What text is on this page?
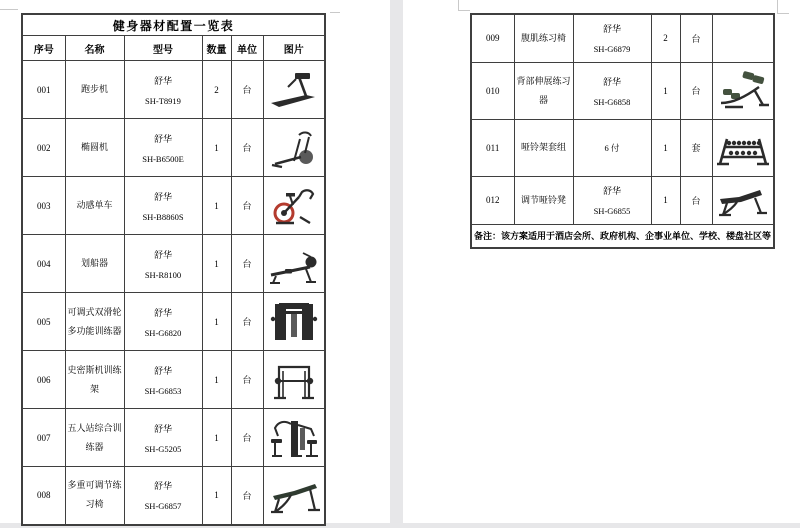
健身器材配置一览表					
序号	名称	型号	数量	单位	图片
001	跑步机	舒华
SH-T8919	2	台	

002	椭圆机	舒华
SH-B6500E	1	台	

003	动感单车	舒华
SH-B8860S	1	台	

004	划船器	舒华
SH-R8100	1	台	

005	可调式双滑轮多功能训练器	舒华
SH-G6820	1	台	

006	史密斯机训练架	舒华
SH-G6853	1	台	

007	五人站综合训练器	舒华
SH-G5205	1	台	

008	多重可调节练习椅	舒华
SH-G6857	1	台	
009	腹肌练习椅	舒华
SH-G6879	2	台	
010	背部伸展练习器	舒华
SH-G6858	1	台	

011	哑铃架套组	6 付	1	套	

012	调节哑铃凳	舒华
SH-G6855	1	台	

备注：该方案适用于酒店会所、政府机构、企事业单位、学校、楼盘社区等					
